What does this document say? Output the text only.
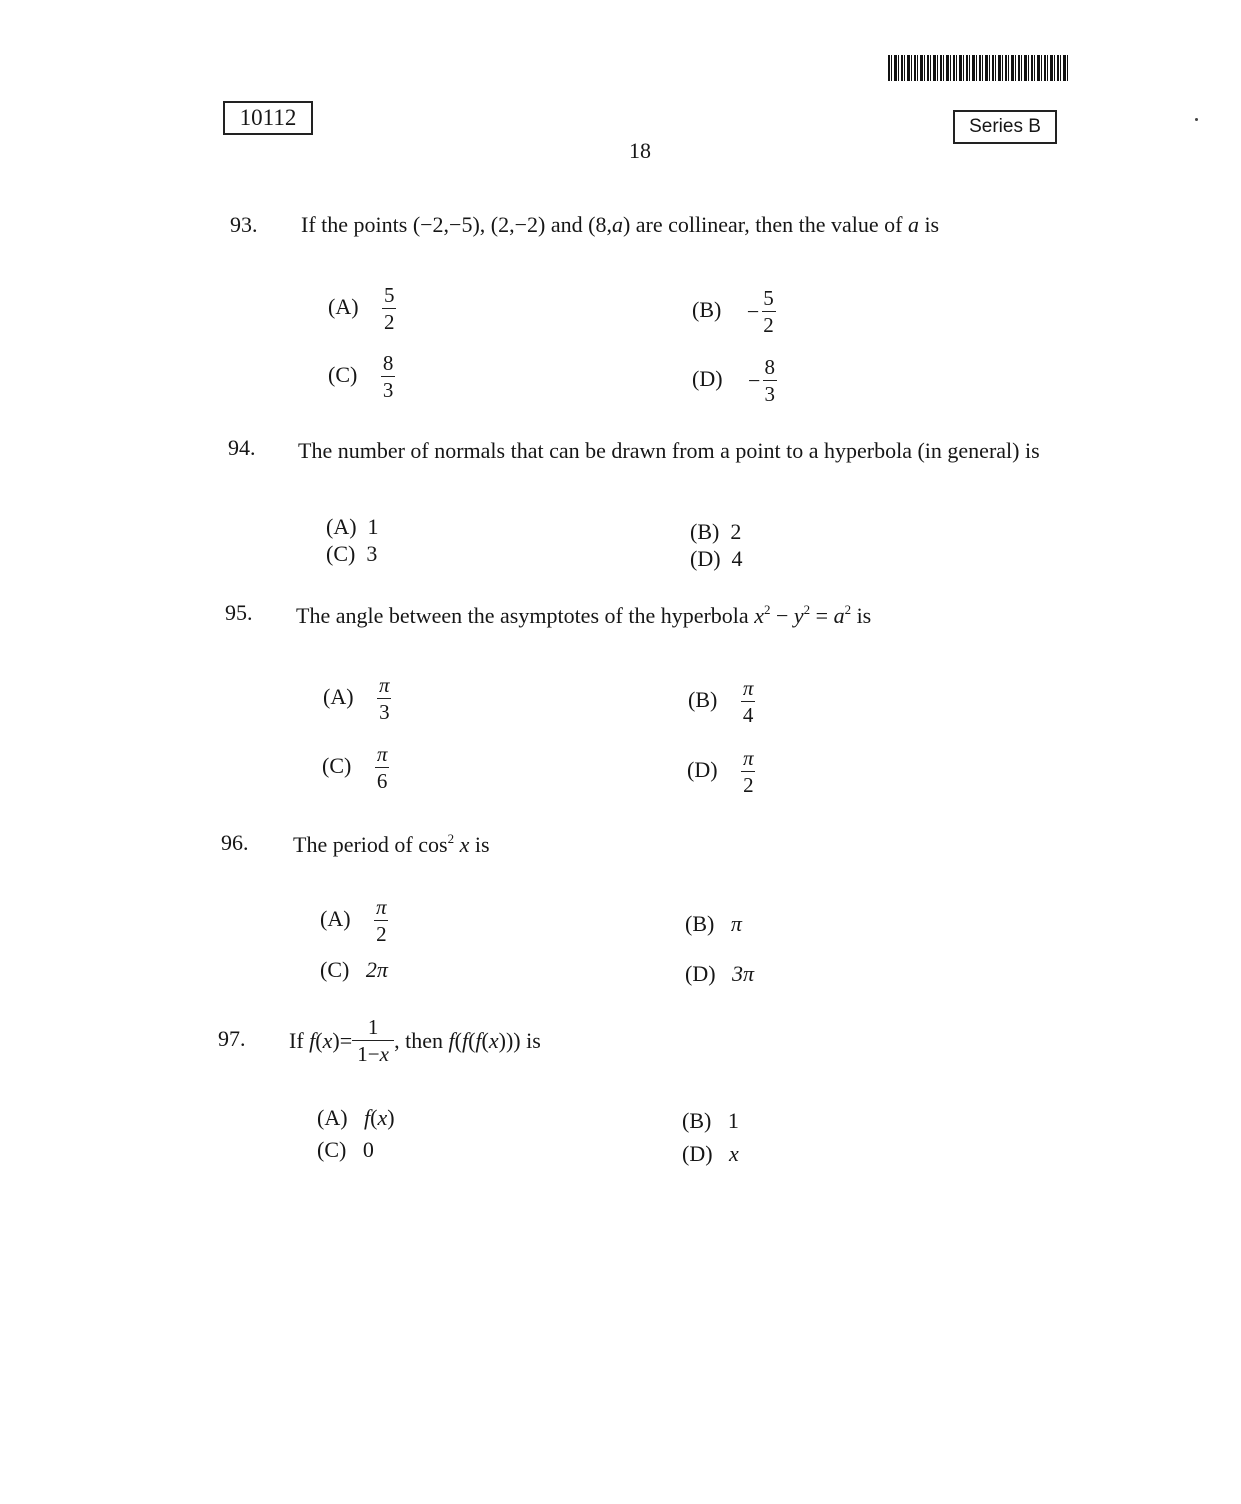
10112	Series B
18
93. If the points (−2,−5), (2,−2) and (8,a) are collinear, then the value of a is
$(A) \frac{5}{2}$	$(B) - \frac{5}{2}$
$(C) \frac{8}{3}$	$(D) - \frac{8}{3}$
94. The number of normals that can be drawn from a point to a hyperbola (in general) is
(A) 1	(B) 2
(C) 3	(D) 4
95. The angle between the asymptotes of the hyperbola $x^2 - y^2 = a^2$ is
$(A) \frac{\pi}{3}$	$(B) \frac{\pi}{4}$
$(C) \frac{\pi}{6}$	$(D) \frac{\pi}{2}$
96. The period of $\cos^2 x$ is
$(A) \frac{\pi}{2}$	(B) π
(C) 2π	(D) 3π
97. If $f(x)= \frac{1}{1-x}$ , then f(f(f(x))) is
(A) f(x)	(B) 1
(C) 0	(D) x
